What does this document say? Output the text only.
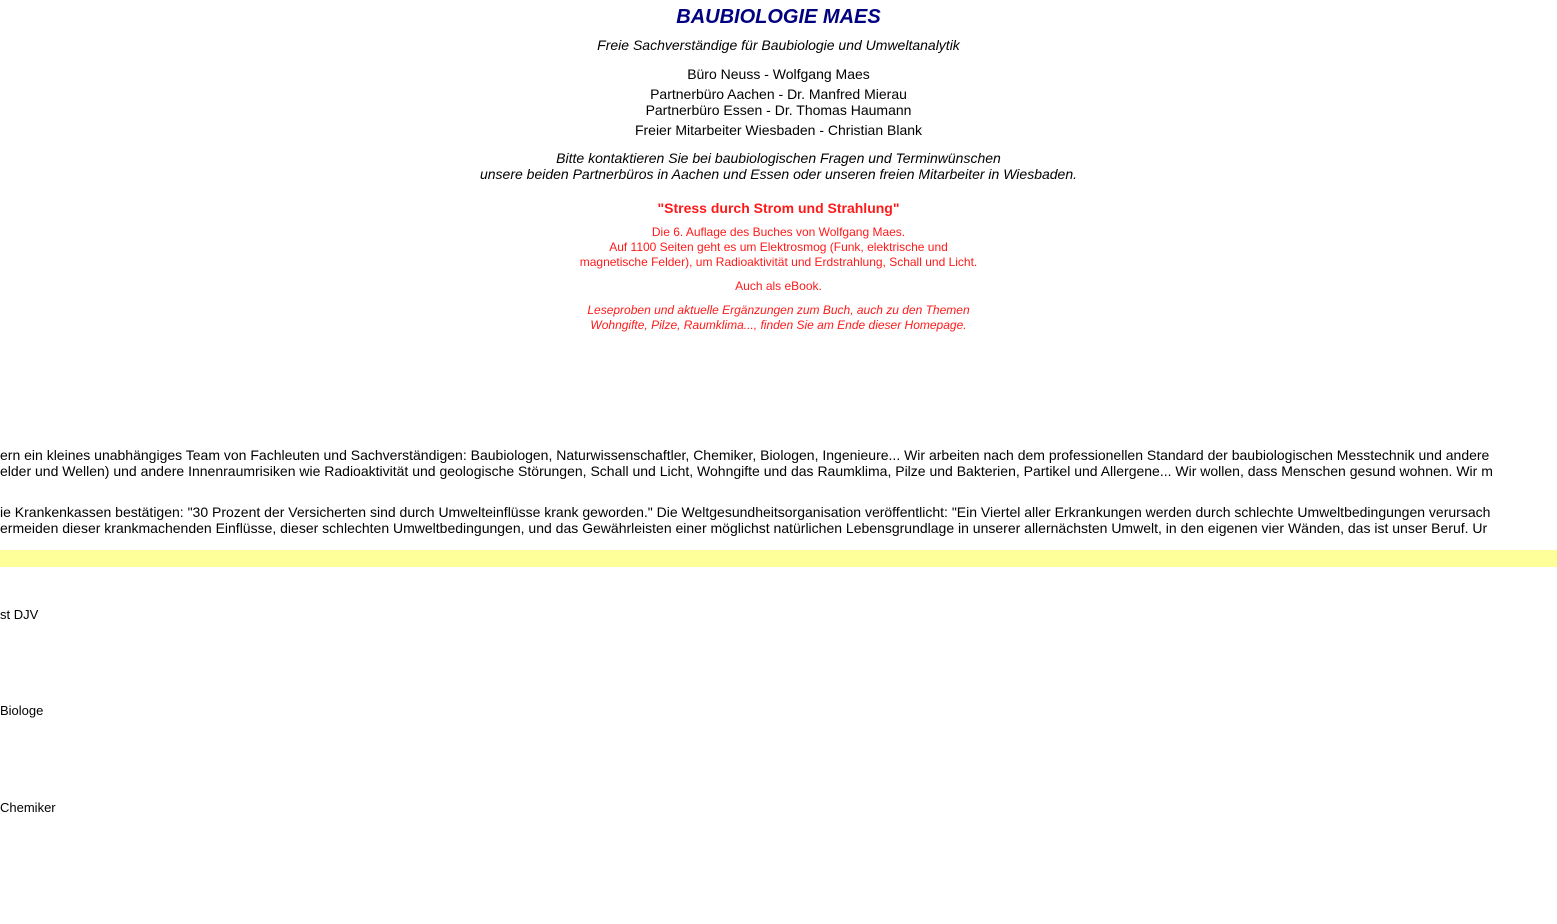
BAUBIOLOGIE MAES
Freie Sachverständige für Baubiologie und Umweltanalytik
Büro Neuss - Wolfgang Maes
Partnerbüro Aachen - Dr. Manfred Mierau
Partnerbüro Essen - Dr. Thomas Haumann
Freier Mitarbeiter Wiesbaden - Christian Blank
Bitte kontaktieren Sie bei baubiologischen Fragen und Terminwünschen
unsere beiden Partnerbüros in Aachen und Essen oder unseren freien Mitarbeiter in Wiesbaden.
"Stress durch Strom und Strahlung"
Die 6. Auflage des Buches von Wolfgang Maes.
Auf 1100 Seiten geht es um Elektrosmog (Funk, elektrische und
magnetische Felder), um Radioaktivität und Erdstrahlung, Schall und Licht.
Auch als eBook.
Leseproben und aktuelle Ergänzungen zum Buch, auch zu den Themen
Wohngifte, Pilze, Raumklima..., finden Sie am Ende dieser Homepage.
ern ein kleines unabhängiges Team von Fachleuten und Sachverständigen: Baubiologen, Naturwissenschaftler, Chemiker, Biologen, Ingenieure... Wir arbeiten nach dem professionellen Standard der baubiologischen Messtechnik und andere
elder und Wellen) und andere Innenraumrisiken wie Radioaktivität und geologische Störungen, Schall und Licht, Wohngifte und das Raumklima, Pilze und Bakterien, Partikel und Allergene... Wir wollen, dass Menschen gesund wohnen. Wir m
ie Krankenkassen bestätigen: "30 Prozent der Versicherten sind durch Umwelteinflüsse krank geworden." Die Weltgesundheitsorganisation veröffentlicht: "Ein Viertel aller Erkrankungen werden durch schlechte Umweltbedingungen verursach
ermeiden dieser krankmachenden Einflüsse, dieser schlechten Umweltbedingungen, und das Gewährleisten einer möglichst natürlichen Lebensgrundlage in unserer allernächsten Umwelt, in den eigenen vier Wänden, das ist unser Beruf. Ur
st DJV
Biologe
Chemiker
